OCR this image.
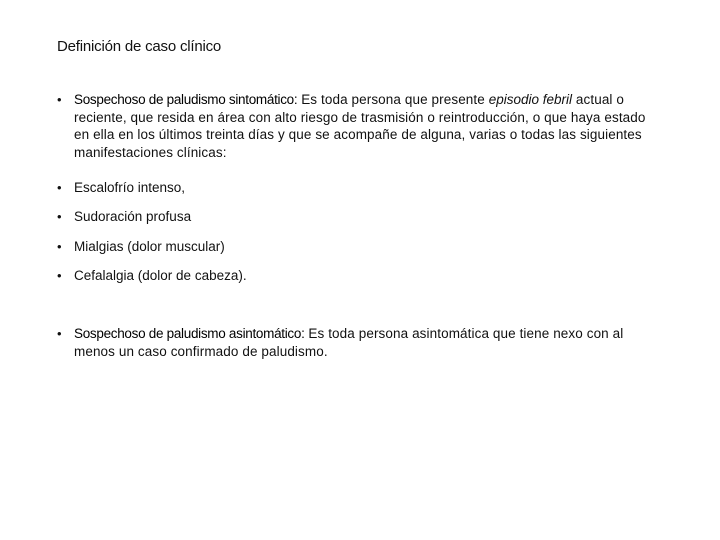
Definición de caso clínico
• Sospechoso de paludismo sintomático: Es toda persona que presente episodio febril actual o reciente, que resida en área con alto riesgo de trasmisión o reintroducción, o que haya estado en ella en los últimos treinta días y que se acompañe de alguna, varias o todas las siguientes manifestaciones clínicas:
• Escalofrío intenso,
• Sudoración profusa
• Mialgias (dolor muscular)
• Cefalalgia (dolor de cabeza).
• Sospechoso de paludismo asintomático: Es toda persona asintomática que tiene nexo con al menos un caso confirmado de paludismo.
